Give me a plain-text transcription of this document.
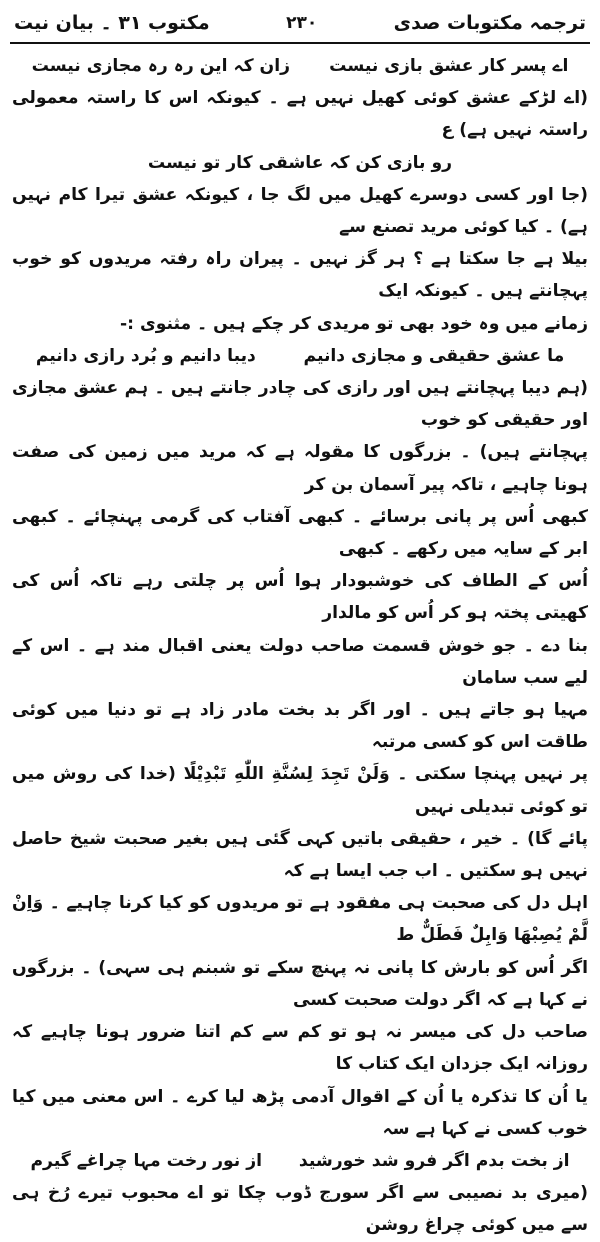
ترجمہ مکتوبات صدی
۲۳۰
مکتوب ۳۱ ۔ بیان نیت
اے پسر کار عشق بازی نیست
زان کہ این رہ رہ مجازی نیست

(اے لڑکے عشق کوئی کھیل نہیں ہے ۔ کیونکہ اس کا راستہ معمولی راستہ نہیں ہے) ع

رو بازی کن کہ عاشقی کار تو نیست

(جا اور کسی دوسرے کھیل میں لگ جا ، کیونکہ عشق تیرا کام نہیں ہے) ۔ کیا کوئی مرید تصنع سے

بیلا ہے جا سکتا ہے ؟ ہر گز نہیں ۔ پیران راہ رفتہ مریدوں کو خوب پہچانتے ہیں ۔ کیونکہ ایک

زمانے میں وہ خود بھی تو مریدی کر چکے ہیں ۔ مثنوی :-

ما عشق حقیقی و مجازی دانیم
دیبا دانیم و بُرد رازی دانیم

(ہم دیبا پہچانتے ہیں اور رازی کی چادر جانتے ہیں ۔ ہم عشق مجازی اور حقیقی کو خوب

پہچانتے ہیں) ۔ بزرگوں کا مقولہ ہے کہ مرید میں زمین کی صفت ہونا چاہیے ، تاکہ پیر آسمان بن کر

کبھی اُس پر پانی برسائے ۔ کبھی آفتاب کی گرمی پہنچائے ۔ کبھی ابر کے سایہ میں رکھے ۔ کبھی

اُس کے الطاف کی خوشبودار ہوا اُس پر چلتی رہے تاکہ اُس کی کھیتی پختہ ہو کر اُس کو مالدار

بنا دے ۔ جو خوش قسمت صاحب دولت یعنی اقبال مند ہے ۔ اس کے لیے سب سامان

مہیا ہو جاتے ہیں ۔ اور اگر بد بخت مادر زاد ہے تو دنیا میں کوئی طاقت اس کو کسی مرتبہ

پر نہیں پہنچا سکتی ۔ وَلَنْ تَجِدَ لِسُنَّةِ اللّٰهِ تَبْدِيْلًا (خدا کی روش میں تو کوئی تبدیلی نہیں

پائے گا) ۔ خیر ، حقیقی باتیں کہی گئی ہیں بغیر صحبت شیخ حاصل نہیں ہو سکتیں ۔ اب جب ایسا ہے کہ

اہل دل کی صحبت ہی مفقود ہے تو مریدوں کو کیا کرنا چاہیے ۔ وَاِنْ لَّمْ يُصِبْهَا وَابِلٌ فَطَلٌّ ط

اگر اُس کو بارش کا پانی نہ پہنچ سکے تو شبنم ہی سہی) ۔ بزرگوں نے کہا ہے کہ اگر دولت صحبت کسی

صاحب دل کی میسر نہ ہو تو کم سے کم اتنا ضرور ہونا چاہیے کہ روزانہ ایک جزدان ایک کتاب کا

یا اُن کا تذکرہ یا اُن کے اقوال آدمی پڑھ لیا کرے ۔ اس معنی میں کیا خوب کسی نے کہا ہے سہ

از بخت بدم اگر فرو شد خورشید
از نور رخت مہا چراغے گیرم

(میری بد نصیبی سے اگر سورج ڈوب چکا تو اے محبوب تیرے رُخ ہی سے میں کوئی چراغ روشن
